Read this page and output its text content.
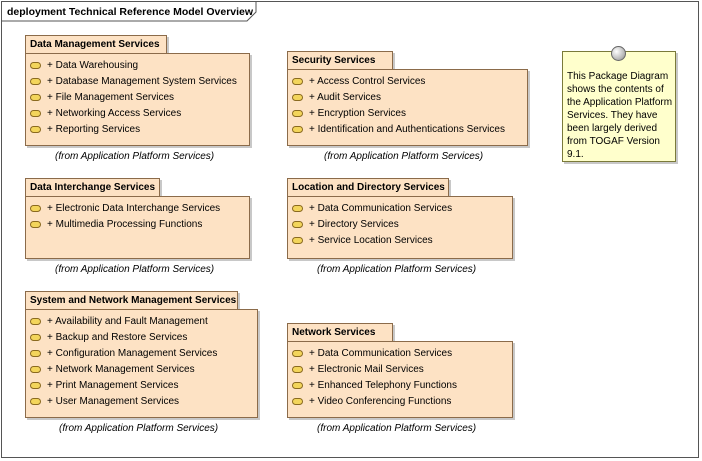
deployment Technical Reference Model Overview
Data Management Services
+ Data Warehousing
+ Database Management System Services
+ File Management Services
+ Networking Access Services
+ Reporting Services
(from Application Platform Services)
Security Services
+ Access Control Services
+ Audit Services
+ Encryption Services
+ Identification and Authentications Services
(from Application Platform Services)
Data Interchange Services
+ Electronic Data Interchange Services
+ Multimedia Processing Functions
(from Application Platform Services)
Location and Directory Services
+ Data Communication Services
+ Directory Services
+ Service Location Services
(from Application Platform Services)
System and Network Management Services
+ Availability and Fault Management
+ Backup and Restore Services
+ Configuration Management Services
+ Network Management Services
+ Print Management Services
+ User Management Services
(from Application Platform Services)
Network Services
+ Data Communication Services
+ Electronic Mail Services
+ Enhanced Telephony Functions
+ Video Conferencing Functions
(from Application Platform Services)
This Package Diagram shows the contents of the Application Platform Services. They have been largely derived from TOGAF Version 9.1.
